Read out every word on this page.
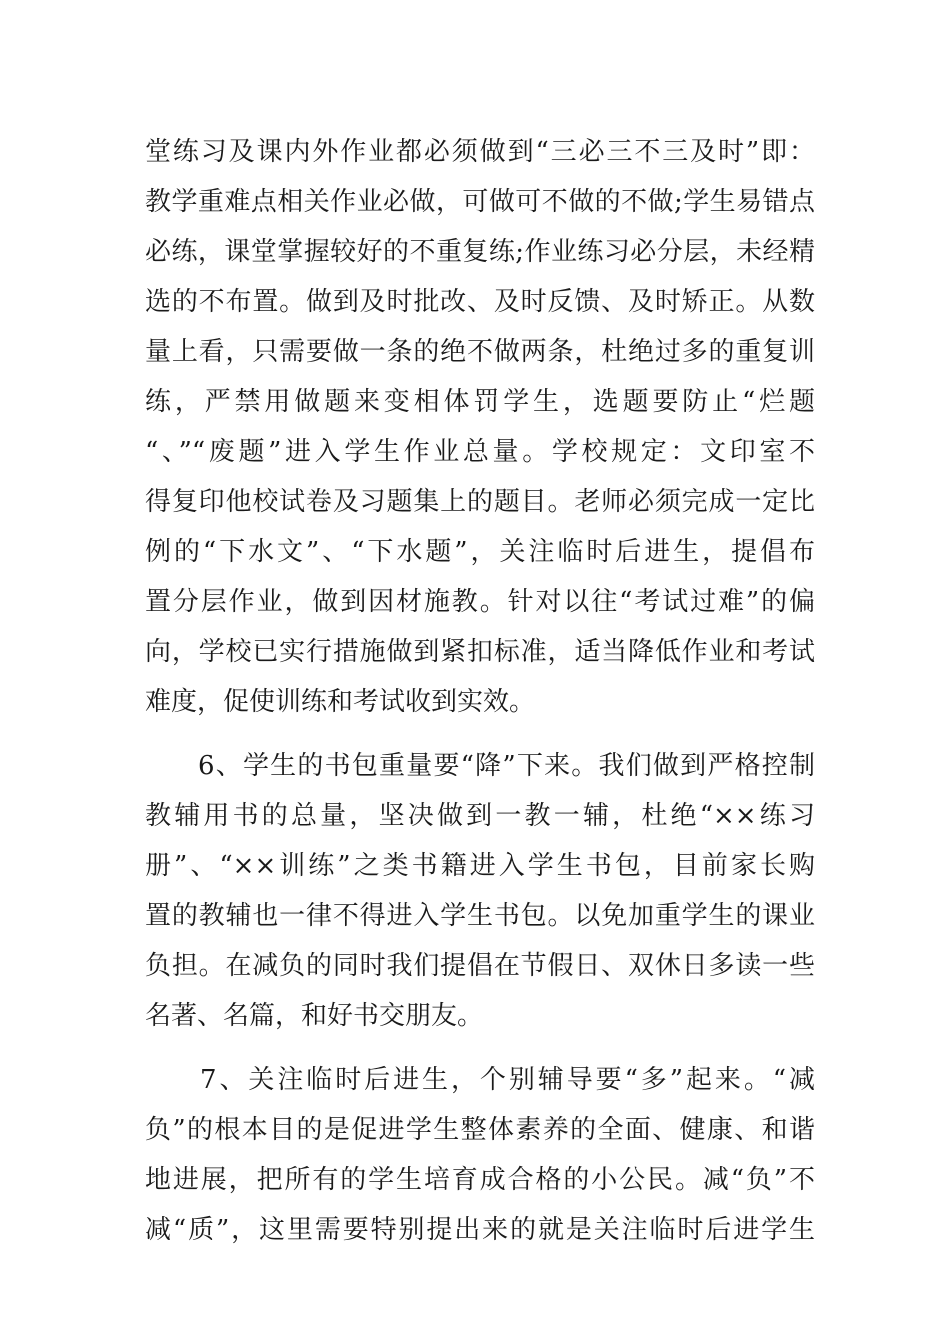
堂练习及课内外作业都必须做到“三必三不三及时”即：
教学重难点相关作业必做，可做可不做的不做;学生易错点
必练，课堂掌握较好的不重复练;作业练习必分层，未经精
选的不布置。做到及时批改、及时反馈、及时矫正。从数
量上看，只需要做一条的绝不做两条，杜绝过多的重复训
练，严禁用做题来变相体罚学生，选题要防止“烂题
“、”“废题”进入学生作业总量。学校规定：文印室不
得复印他校试卷及习题集上的题目。老师必须完成一定比
例的“下水文”、“下水题”，关注临时后进生，提倡布
置分层作业，做到因材施教。针对以往“考试过难”的偏
向，学校已实行措施做到紧扣标准，适当降低作业和考试
难度，促使训练和考试收到实效。
6、学生的书包重量要“降”下来。我们做到严格控制
教辅用书的总量，坚决做到一教一辅，杜绝“××练习
册”、“××训练”之类书籍进入学生书包，目前家长购
置的教辅也一律不得进入学生书包。以免加重学生的课业
负担。在减负的同时我们提倡在节假日、双休日多读一些
名著、名篇，和好书交朋友。
7、关注临时后进生，个别辅导要“多”起来。“减
负”的根本目的是促进学生整体素养的全面、健康、和谐
地进展，把所有的学生培育成合格的小公民。减“负”不
减“质”，这里需要特别提出来的就是关注临时后进学生
